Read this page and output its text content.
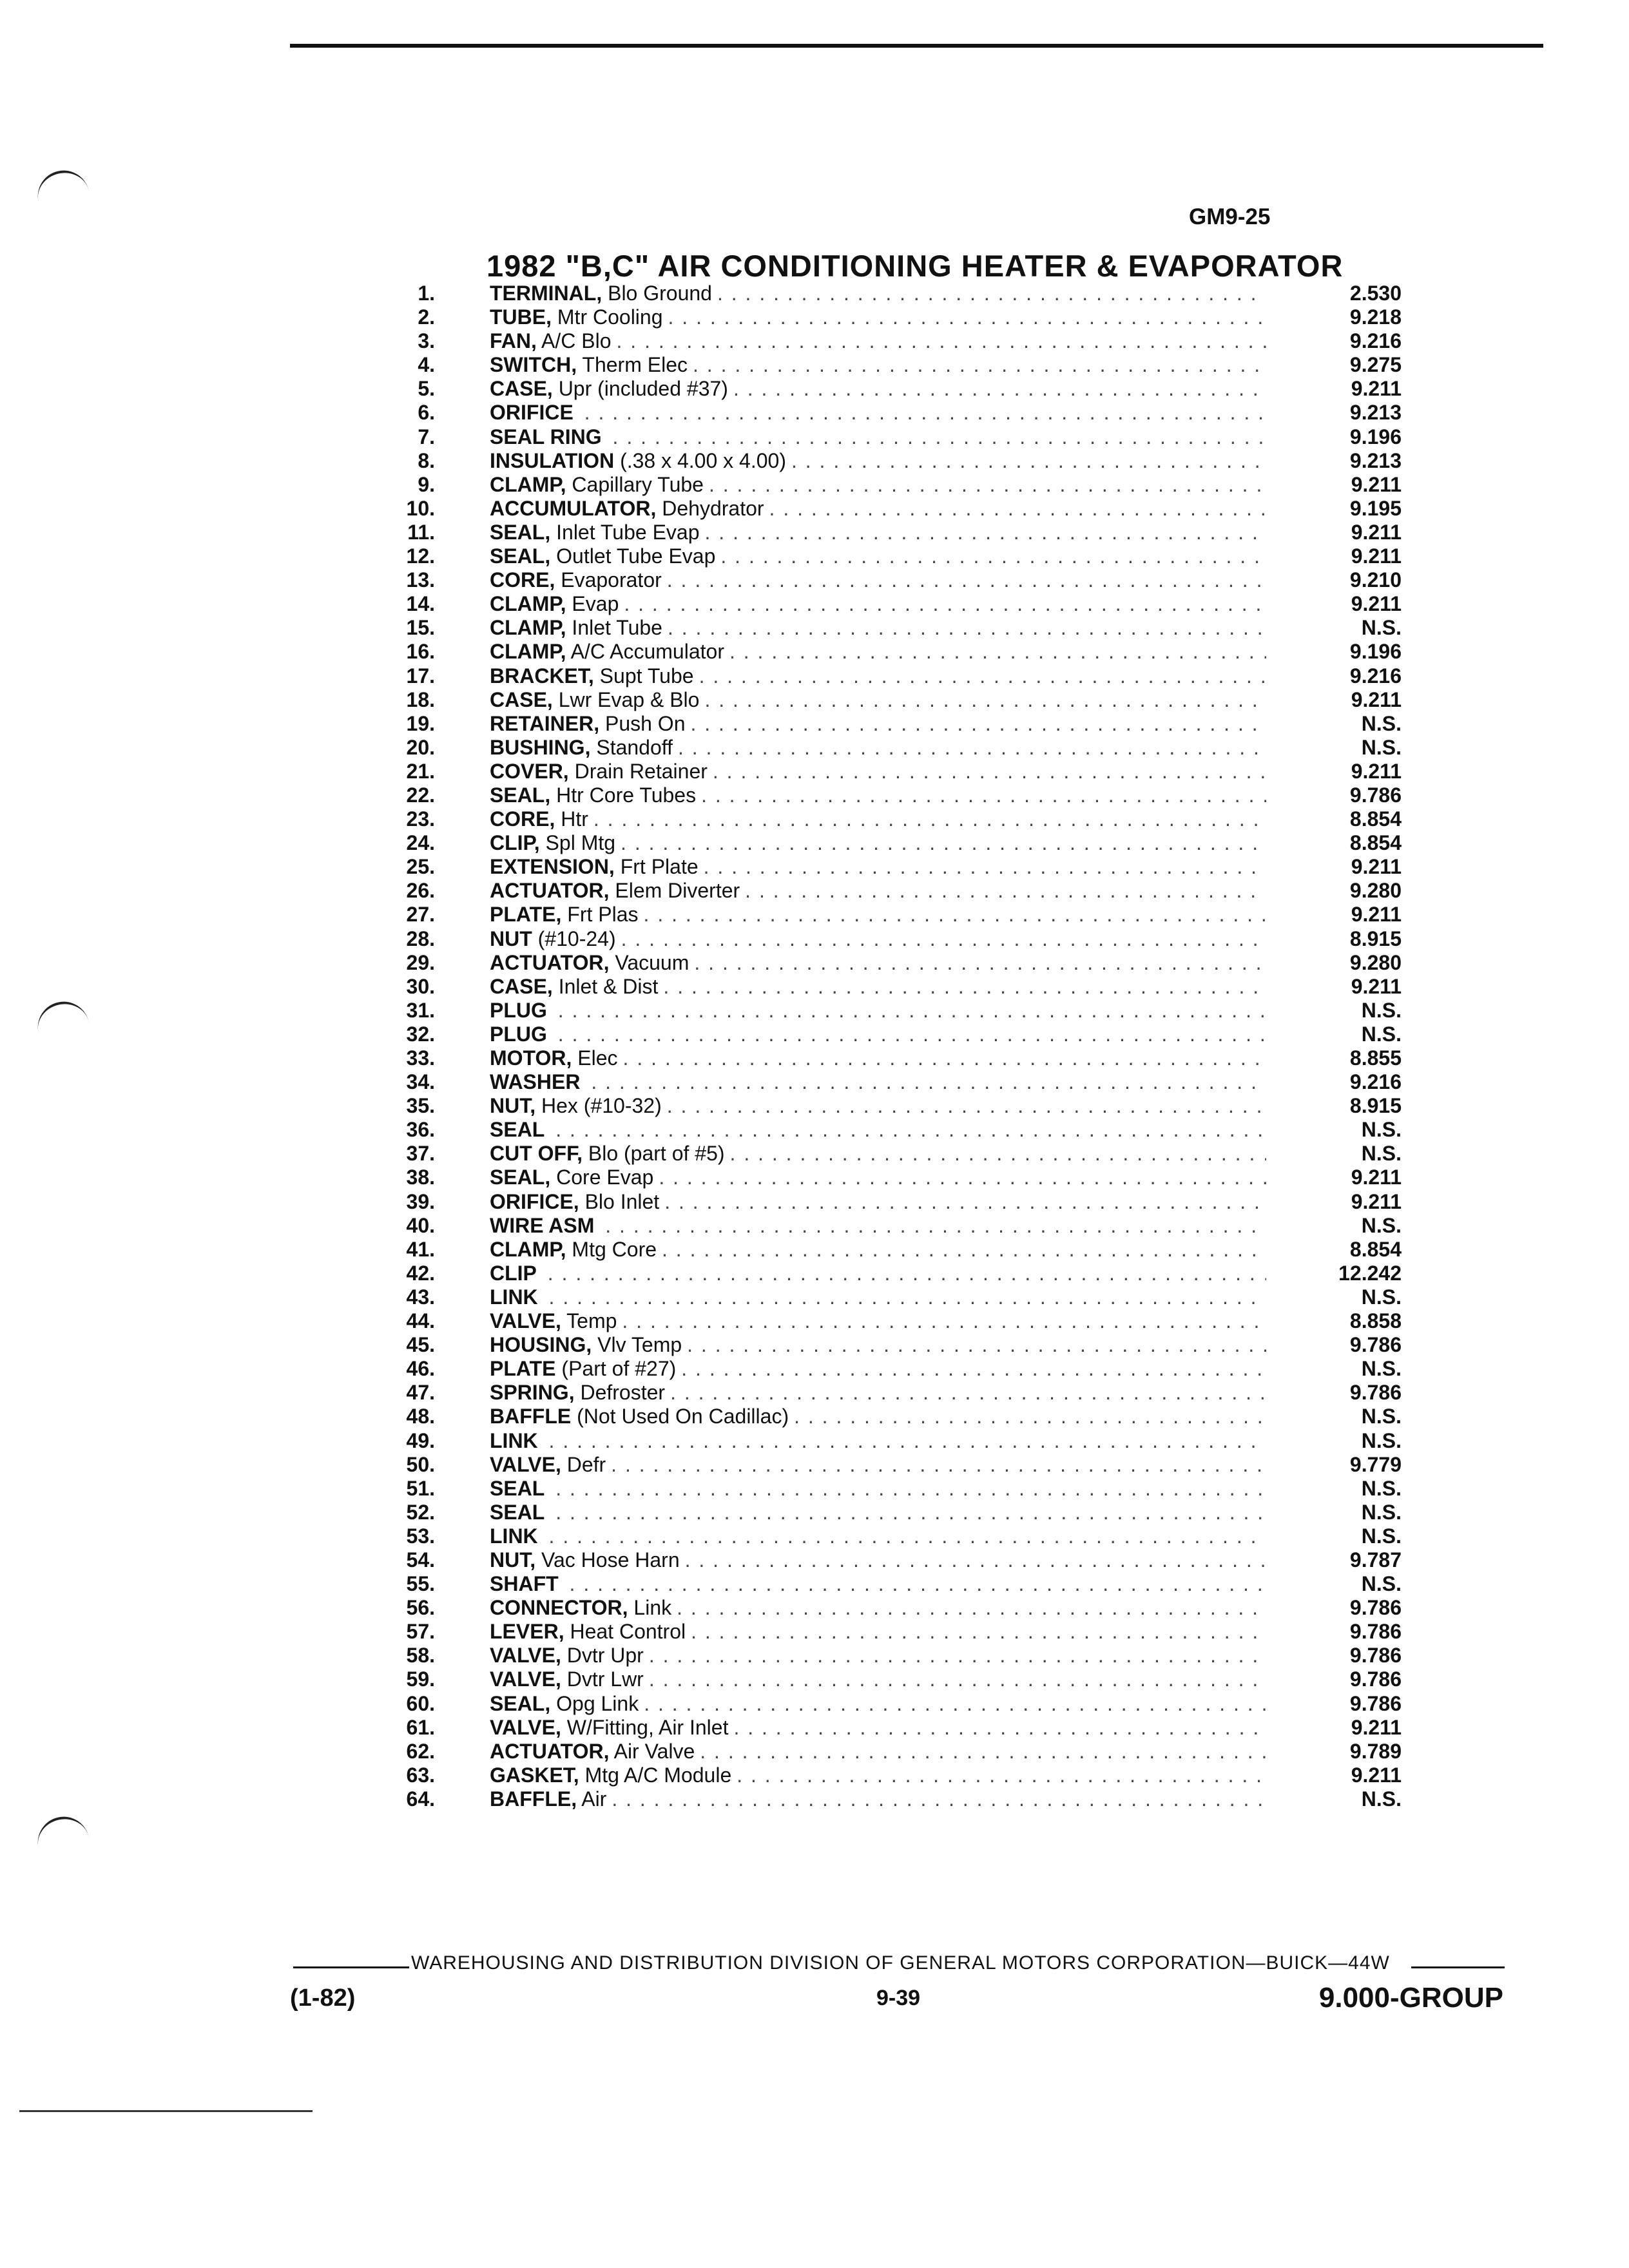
GM9-25
1982 "B,C" AIR CONDITIONING HEATER & EVAPORATOR
1.	TERMINAL, Blo Ground . . .	2.530
2.	TUBE, Mtr Cooling . . .	9.218
3.	FAN, A/C Blo . . .	9.216
4.	SWITCH, Therm Elec . . .	9.275
5.	CASE, Upr (included #37) . . .	9.211
6.	ORIFICE . . .	9.213
7.	SEAL RING . . .	9.196
8.	INSULATION (.38 x 4.00 x 4.00) . . .	9.213
9.	CLAMP, Capillary Tube . . .	9.211
10.	ACCUMULATOR, Dehydrator . . .	9.195
11.	SEAL, Inlet Tube Evap . . .	9.211
12.	SEAL, Outlet Tube Evap . . .	9.211
13.	CORE, Evaporator . . .	9.210
14.	CLAMP, Evap . . .	9.211
15.	CLAMP, Inlet Tube . . .	N.S.
16.	CLAMP, A/C Accumulator . . .	9.196
17.	BRACKET, Supt Tube . . .	9.216
18.	CASE, Lwr Evap & Blo . . .	9.211
19.	RETAINER, Push On . . .	N.S.
20.	BUSHING, Standoff . . .	N.S.
21.	COVER, Drain Retainer . . .	9.211
22.	SEAL, Htr Core Tubes . . .	9.786
23.	CORE, Htr . . .	8.854
24.	CLIP, Spl Mtg . . .	8.854
25.	EXTENSION, Frt Plate . . .	9.211
26.	ACTUATOR, Elem Diverter . . .	9.280
27.	PLATE, Frt Plas . . .	9.211
28.	NUT (#10-24) . . .	8.915
29.	ACTUATOR, Vacuum . . .	9.280
30.	CASE, Inlet & Dist . . .	9.211
31.	PLUG . . .	N.S.
32.	PLUG . . .	N.S.
33.	MOTOR, Elec . . .	8.855
34.	WASHER . . .	9.216
35.	NUT, Hex (#10-32) . . .	8.915
36.	SEAL . . .	N.S.
37.	CUT OFF, Blo (part of #5) . . .	N.S.
38.	SEAL, Core Evap . . .	9.211
39.	ORIFICE, Blo Inlet . . .	9.211
40.	WIRE ASM . . .	N.S.
41.	CLAMP, Mtg Core . . .	8.854
42.	CLIP . . .	12.242
43.	LINK . . .	N.S.
44.	VALVE, Temp . . .	8.858
45.	HOUSING, Vlv Temp . . .	9.786
46.	PLATE (Part of #27) . . .	N.S.
47.	SPRING, Defroster . . .	9.786
48.	BAFFLE (Not Used On Cadillac) . . .	N.S.
49.	LINK . . .	N.S.
50.	VALVE, Defr . . .	9.779
51.	SEAL . . .	N.S.
52.	SEAL . . .	N.S.
53.	LINK . . .	N.S.
54.	NUT, Vac Hose Harn . . .	9.787
55.	SHAFT . . .	N.S.
56.	CONNECTOR, Link . . .	9.786
57.	LEVER, Heat Control . . .	9.786
58.	VALVE, Dvtr Upr . . .	9.786
59.	VALVE, Dvtr Lwr . . .	9.786
60.	SEAL, Opg Link . . .	9.786
61.	VALVE, W/Fitting, Air Inlet . . .	9.211
62.	ACTUATOR, Air Valve . . .	9.789
63.	GASKET, Mtg A/C Module . . .	9.211
64.	BAFFLE, Air . . .	N.S.
WAREHOUSING AND DISTRIBUTION DIVISION OF GENERAL MOTORS CORPORATION—BUICK—44W
(1-82)	9-39	9.000-GROUP
